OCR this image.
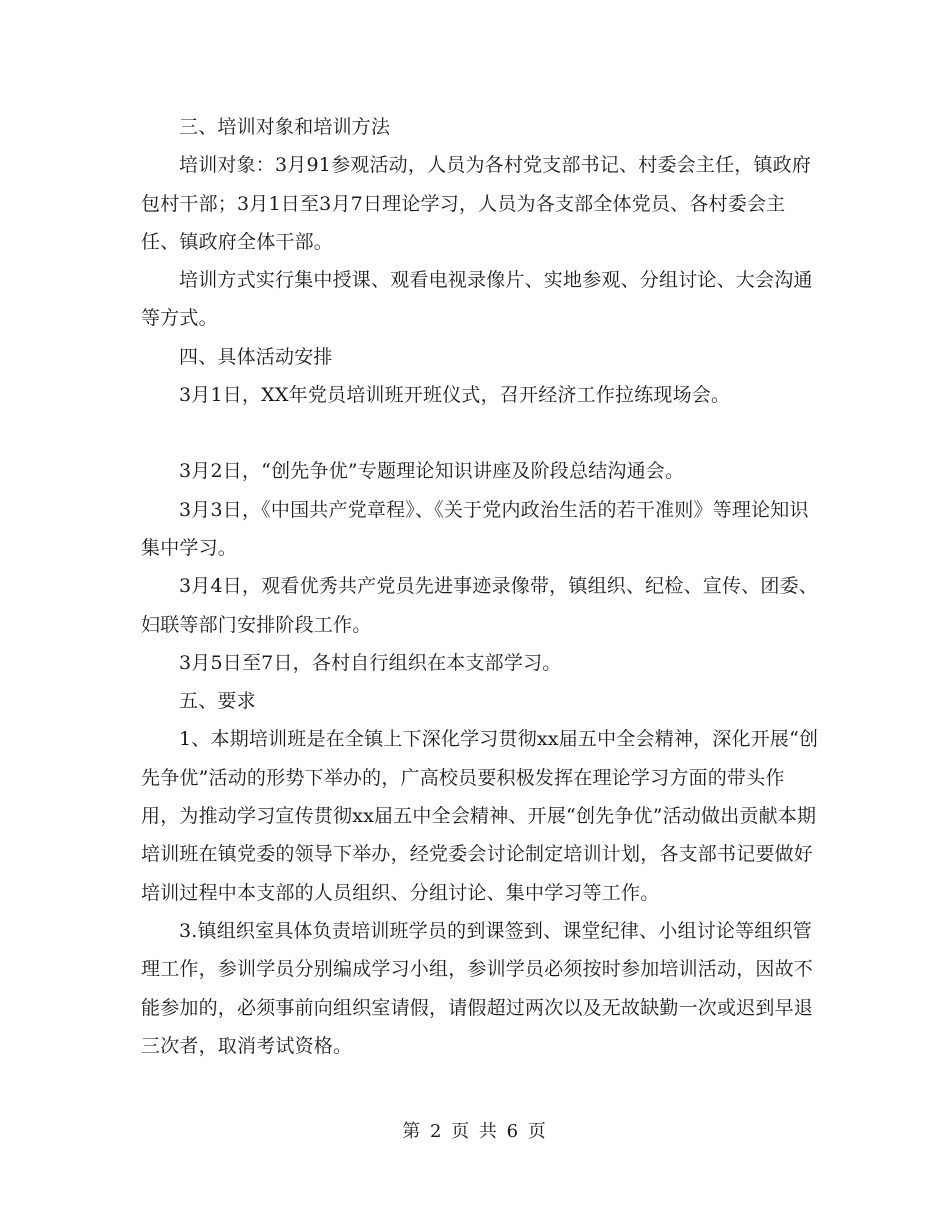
三、培训对象和培训方法

培训对象：3月91参观活动，人员为各村党支部书记、村委会主任，镇政府包村干部；3月1日至3月7日理论学习，人员为各支部全体党员、各村委会主任、镇政府全体干部。

培训方式实行集中授课、观看电视录像片、实地参观、分组讨论、大会沟通等方式。

四、具体活动安排

3月1日，XX年党员培训班开班仪式，召开经济工作拉练现场会。

3月2日，“创先争优”专题理论知识讲座及阶段总结沟通会。

3月3日，《中国共产党章程》、《关于党内政治生活的若干准则》等理论知识集中学习。

3月4日，观看优秀共产党员先进事迹录像带，镇组织、纪检、宣传、团委、妇联等部门安排阶段工作。

3月5日至7日，各村自行组织在本支部学习。

五、要求

1、本期培训班是在全镇上下深化学习贯彻xx届五中全会精神，深化开展“创先争优”活动的形势下举办的，广高校员要积极发挥在理论学习方面的带头作用，为推动学习宣传贯彻xx届五中全会精神、开展“创先争优”活动做出贡献本期培训班在镇党委的领导下举办，经党委会讨论制定培训计划，各支部书记要做好培训过程中本支部的人员组织、分组讨论、集中学习等工作。

3.镇组织室具体负责培训班学员的到课签到、课堂纪律、小组讨论等组织管理工作，参训学员分别编成学习小组，参训学员必须按时参加培训活动，因故不能参加的，必须事前向组织室请假，请假超过两次以及无故缺勤一次或迟到早退三次者，取消考试资格。

第 2 页 共 6 页
